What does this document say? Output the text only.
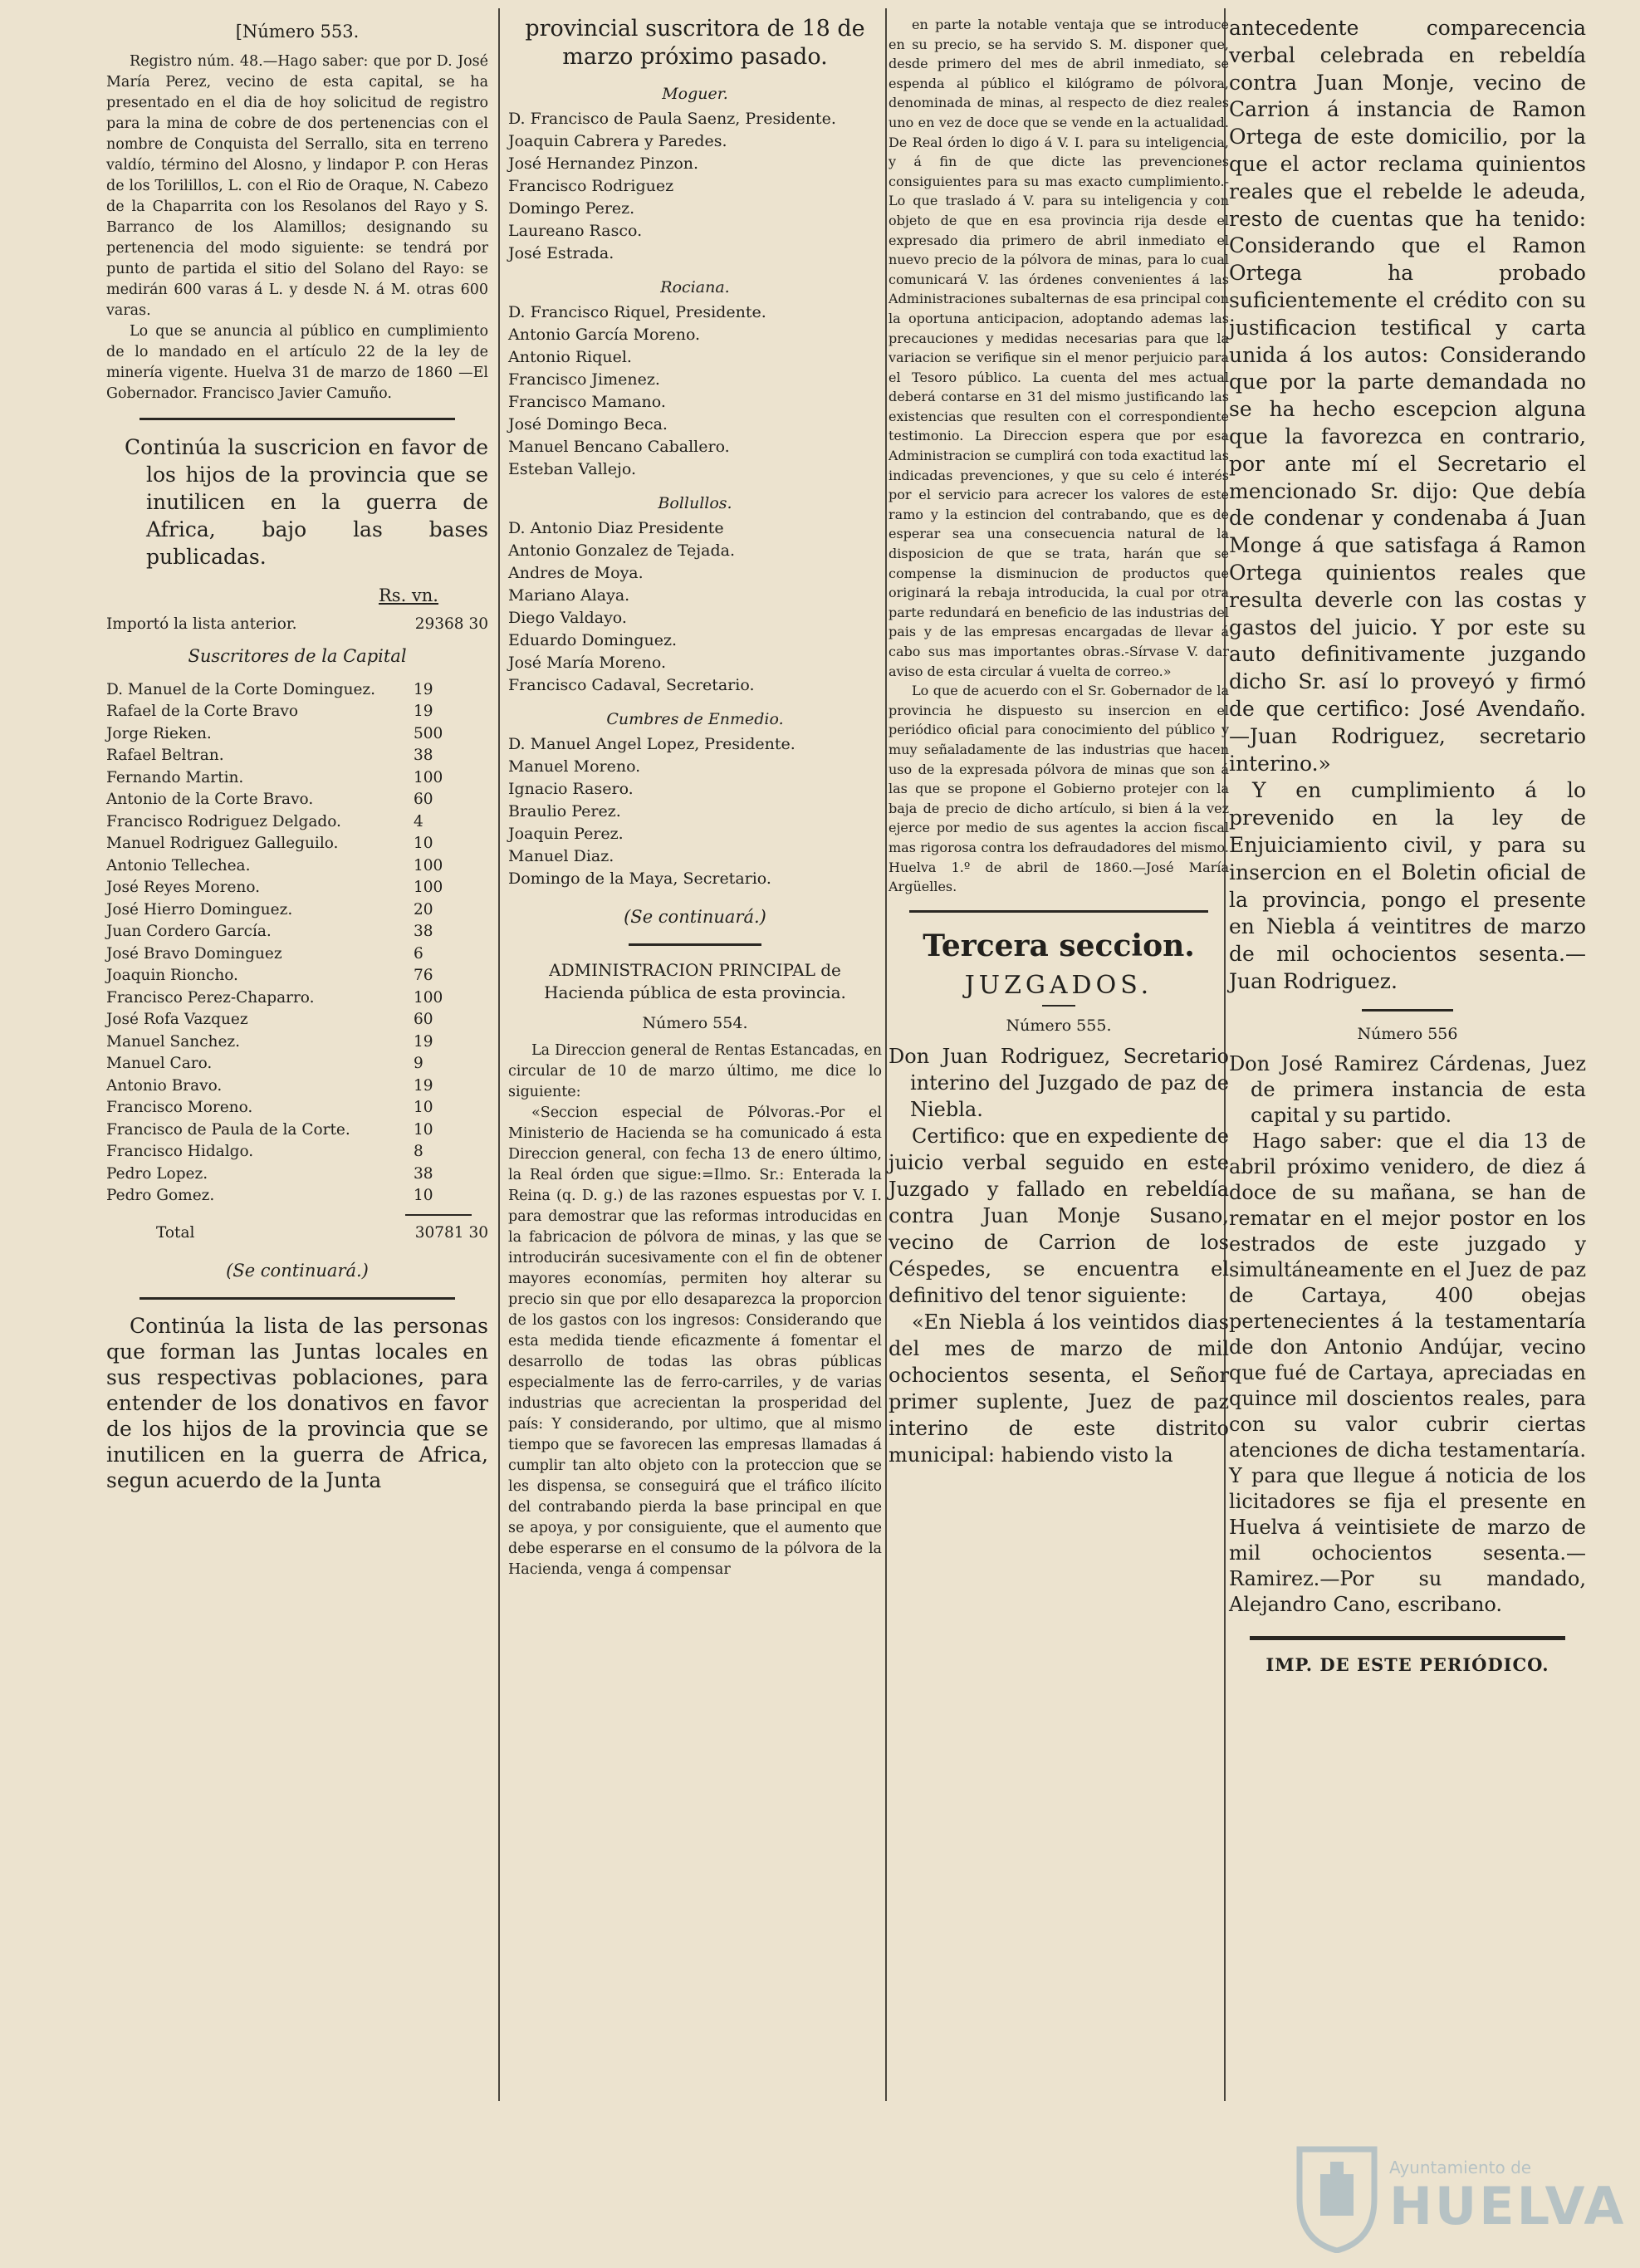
[Número 553.

Registro núm. 48.—Hago saber: que por D. José María Perez, vecino de esta capital, se ha presentado en el dia de hoy solicitud de registro para la mina de cobre de dos pertenencias con el nombre de Conquista del Serrallo, sita en terreno valdío, término del Alosno, y lindapor P. con Heras de los Torilillos, L. con el Rio de Oraque, N. Cabezo de la Chaparrita con los Resolanos del Rayo y S. Barranco de los Alamillos; designando su pertenencia del modo siguiente: se tendrá por punto de partida el sitio del Solano del Rayo: se medirán 600 varas á L. y desde N. á M. otras 600 varas.

Lo que se anuncia al público en cumplimiento de lo mandado en el artículo 22 de la ley de minería vigente. Huelva 31 de marzo de 1860 —El Gobernador. Francisco Javier Camuño.

Continúa la suscricion en favor de los hijos de la provincia que se inutilicen en la guerra de Africa, bajo las bases publicadas.

Rs. vn.
Importó la lista anterior.	29368 30
Suscritores de la Capital
D. Manuel de la Corte Dominguez.	19
Rafael de la Corte Bravo	19
Jorge Rieken.	500
Rafael Beltran.	38
Fernando Martin.	100
Antonio de la Corte Bravo.	60
Francisco Rodriguez Delgado.	4
Manuel Rodriguez Galleguilo.	10
Antonio Tellechea.	100
José Reyes Moreno.	100
José Hierro Dominguez.	20
Juan Cordero García.	38
José Bravo Dominguez	6
Joaquin Rioncho.	76
Francisco Perez-Chaparro.	100
José Rofa Vazquez	60
Manuel Sanchez.	19
Manuel Caro.	9
Antonio Bravo.	19
Francisco Moreno.	10
Francisco de Paula de la Corte.	10
Francisco Hidalgo.	8
Pedro Lopez.	38
Pedro Gomez.	10
Total	30781 30
(Se continuará.)

Continúa la lista de las personas que forman las Juntas locales en sus respectivas poblaciones, para entender de los donativos en favor de los hijos de la provincia que se inutilicen en la guerra de Africa, segun acuerdo de la Junta

provincial suscritora de 18 de marzo próximo pasado.

Moguer.
D. Francisco de Paula Saenz, Presidente.
Joaquin Cabrera y Paredes.
José Hernandez Pinzon.
Francisco Rodriguez
Domingo Perez.
Laureano Rasco.
José Estrada.
Rociana.
D. Francisco Riquel, Presidente.
Antonio García Moreno.
Antonio Riquel.
Francisco Jimenez.
Francisco Mamano.
José Domingo Beca.
Manuel Bencano Caballero.
Esteban Vallejo.
Bollullos.
D. Antonio Diaz Presidente
Antonio Gonzalez de Tejada.
Andres de Moya.
Mariano Alaya.
Diego Valdayo.
Eduardo Dominguez.
José María Moreno.
Francisco Cadaval, Secretario.
Cumbres de Enmedio.
D. Manuel Angel Lopez, Presidente.
Manuel Moreno.
Ignacio Rasero.
Braulio Perez.
Joaquin Perez.
Manuel Diaz.
Domingo de la Maya, Secretario.
(Se continuará.)

ADMINISTRACION PRINCIPAL de Hacienda pública de esta provincia.

Número 554.

La Direccion general de Rentas Estancadas, en circular de 10 de marzo último, me dice lo siguiente:

«Seccion especial de Pólvoras.-Por el Ministerio de Hacienda se ha comunicado á esta Direccion general, con fecha 13 de enero último, la Real órden que sigue:=Ilmo. Sr.: Enterada la Reina (q. D. g.) de las razones espuestas por V. I. para demostrar que las reformas introducidas en la fabricacion de pólvora de minas, y las que se introducirán sucesivamente con el fin de obtener mayores economías, permiten hoy alterar su precio sin que por ello desaparezca la proporcion de los gastos con los ingresos: Considerando que esta medida tiende eficazmente á fomentar el desarrollo de todas las obras públicas especialmente las de ferro-carriles, y de varias industrias que acrecientan la prosperidad del país: Y considerando, por ultimo, que al mismo tiempo que se favorecen las empresas llamadas á cumplir tan alto objeto con la proteccion que se les dispensa, se conseguirá que el tráfico ilícito del contrabando pierda la base principal en que se apoya, y por consiguiente, que el aumento que debe esperarse en el consumo de la pólvora de la Hacienda, venga á compensar

en parte la notable ventaja que se introduce en su precio, se ha servido S. M. disponer que, desde primero del mes de abril inmediato, se espenda al público el kilógramo de pólvora, denominada de minas, al respecto de diez reales uno en vez de doce que se vende en la actualidad. De Real órden lo digo á V. I. para su inteligencia, y á fin de que dicte las prevenciones consiguientes para su mas exacto cumplimiento.-Lo que traslado á V. para su inteligencia y con objeto de que en esa provincia rija desde el expresado dia primero de abril inmediato el nuevo precio de la pólvora de minas, para lo cual comunicará V. las órdenes convenientes á las Administraciones subalternas de esa principal con la oportuna anticipacion, adoptando ademas las precauciones y medidas necesarias para que la variacion se verifique sin el menor perjuicio para el Tesoro público. La cuenta del mes actual deberá contarse en 31 del mismo justificando las existencias que resulten con el correspondiente testimonio. La Direccion espera que por esa Administracion se cumplirá con toda exactitud las indicadas prevenciones, y que su celo é interés por el servicio para acrecer los valores de este ramo y la estincion del contrabando, que es de esperar sea una consecuencia natural de la disposicion de que se trata, harán que se compense la disminucion de productos que originará la rebaja introducida, la cual por otra parte redundará en beneficio de las industrias del pais y de las empresas encargadas de llevar á cabo sus mas importantes obras.-Sírvase V. dar aviso de esta circular á vuelta de correo.»

Lo que de acuerdo con el Sr. Gobernador de la provincia he dispuesto su insercion en el periódico oficial para conocimiento del público y muy señaladamente de las industrias que hacen uso de la expresada pólvora de minas que son á las que se propone el Gobierno protejer con la baja de precio de dicho artículo, si bien á la vez ejerce por medio de sus agentes la accion fiscal mas rigorosa contra los defraudadores del mismo. Huelva 1.º de abril de 1860.—José María Argüelles.

Tercera seccion.
JUZGADOS.
Número 555.

Don Juan Rodriguez, Secretario interino del Juzgado de paz de Niebla.

Certifico: que en expediente de juicio verbal seguido en este Juzgado y fallado en rebeldía contra Juan Monje Susano, vecino de Carrion de los Céspedes, se encuentra el definitivo del tenor siguiente:

«En Niebla á los veintidos dias del mes de marzo de mil ochocientos sesenta, el Señor primer suplente, Juez de paz interino de este distrito municipal: habiendo visto la

antecedente comparecencia verbal celebrada en rebeldía contra Juan Monje, vecino de Carrion á instancia de Ramon Ortega de este domicilio, por la que el actor reclama quinientos reales que el rebelde le adeuda, resto de cuentas que ha tenido: Considerando que el Ramon Ortega ha probado suficientemente el crédito con su justificacion testifical y carta unida á los autos: Considerando que por la parte demandada no se ha hecho escepcion alguna que la favorezca en contrario, por ante mí el Secretario el mencionado Sr. dijo: Que debía de condenar y condenaba á Juan Monge á que satisfaga á Ramon Ortega quinientos reales que resulta deverle con las costas y gastos del juicio. Y por este su auto definitivamente juzgando dicho Sr. así lo proveyó y firmó de que certifico: José Avendaño.—Juan Rodriguez, secretario interino.»

Y en cumplimiento á lo prevenido en la ley de Enjuiciamiento civil, y para su insercion en el Boletin oficial de la provincia, pongo el presente en Niebla á veintitres de marzo de mil ochocientos sesenta.—Juan Rodriguez.

Número 556

Don José Ramirez Cárdenas, Juez de primera instancia de esta capital y su partido.

Hago saber: que el dia 13 de abril próximo venidero, de diez á doce de su mañana, se han de rematar en el mejor postor en los estrados de este juzgado y simultáneamente en el Juez de paz de Cartaya, 400 obejas pertenecientes á la testamentaría de don Antonio Andújar, vecino que fué de Cartaya, apreciadas en quince mil doscientos reales, para con su valor cubrir ciertas atenciones de dicha testamentaría. Y para que llegue á noticia de los licitadores se fija el presente en Huelva á veintisiete de marzo de mil ochocientos sesenta.—Ramirez.—Por su mandado, Alejandro Cano, escribano.

IMP. DE ESTE PERIÓDICO.
Ayuntamiento de
HUELVA
